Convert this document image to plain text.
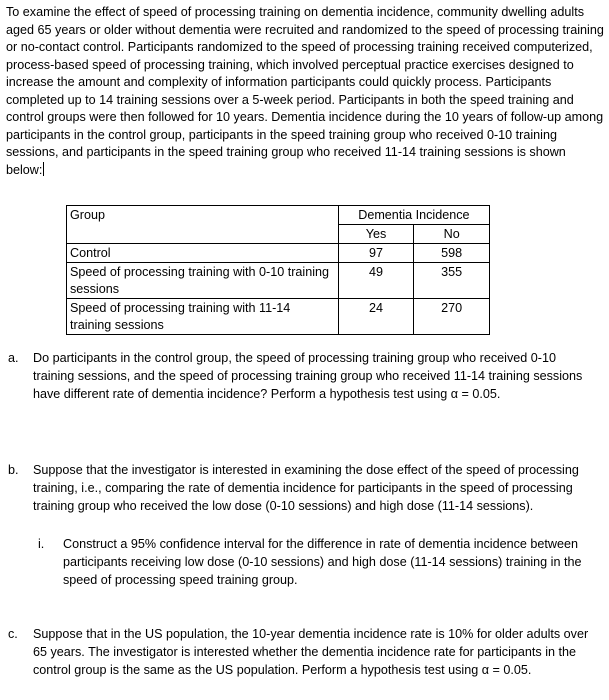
To examine the effect of speed of processing training on dementia incidence, community dwelling adults aged 65 years or older without dementia were recruited and randomized to the speed of processing training or no-contact control. Participants randomized to the speed of processing training received computerized, process-based speed of processing training, which involved perceptual practice exercises designed to increase the amount and complexity of information participants could quickly process. Participants completed up to 14 training sessions over a 5-week period. Participants in both the speed training and control groups were then followed for 10 years. Dementia incidence during the 10 years of follow-up among participants in the control group, participants in the speed training group who received 0-10 training sessions, and participants in the speed training group who received 11-14 training sessions is shown below:

Group	Dementia Incidence	
	Yes	No
Control	97	598
Speed of processing training with 0-10 training sessions	49	355
Speed of processing training with 11-14 training sessions	24	270
a. Do participants in the control group, the speed of processing training group who received 0-10 training sessions, and the speed of processing training group who received 11-14 training sessions have different rate of dementia incidence? Perform a hypothesis test using α = 0.05.

b. Suppose that the investigator is interested in examining the dose effect of the speed of processing training, i.e., comparing the rate of dementia incidence for participants in the speed of processing training group who received the low dose (0-10 sessions) and high dose (11-14 sessions).

i. Construct a 95% confidence interval for the difference in rate of dementia incidence between participants receiving low dose (0-10 sessions) and high dose (11-14 sessions) training in the speed of processing speed training group.

c. Suppose that in the US population, the 10-year dementia incidence rate is 10% for older adults over 65 years. The investigator is interested whether the dementia incidence rate for participants in the control group is the same as the US population. Perform a hypothesis test using α = 0.05.
